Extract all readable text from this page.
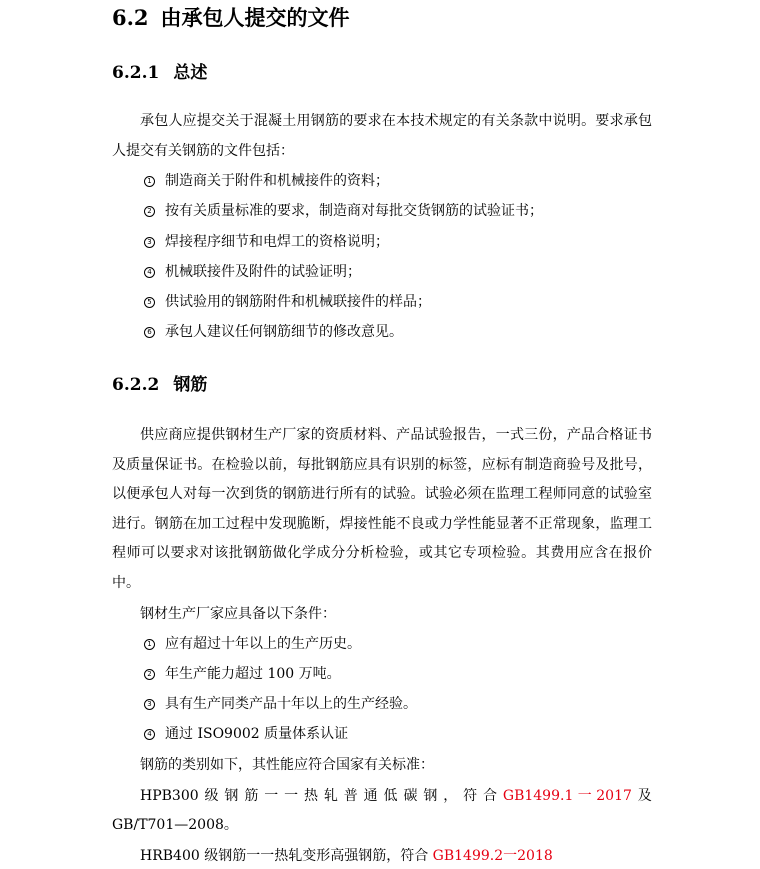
6.2 由承包人提交的文件
6.2.1 总述

承包人应提交关于混凝土用钢筋的要求在本技术规定的有关条款中说明。要求承包人提交有关钢筋的文件包括：

1 制造商关于附件和机械接件的资料；
2 按有关质量标准的要求，制造商对每批交货钢筋的试验证书；
3 焊接程序细节和电焊工的资格说明；
4 机械联接件及附件的试验证明；
5 供试验用的钢筋附件和机械联接件的样品；
6 承包人建议任何钢筋细节的修改意见。
6.2.2 钢筋

供应商应提供钢材生产厂家的资质材料、产品试验报告，一式三份，产品合格证书及质量保证书。在检验以前，每批钢筋应具有识别的标签，应标有制造商验号及批号，以便承包人对每一次到货的钢筋进行所有的试验。试验必须在监理工程师同意的试验室进行。钢筋在加工过程中发现脆断，焊接性能不良或力学性能显著不正常现象，监理工程师可以要求对该批钢筋做化学成分分析检验，或其它专项检验。其费用应含在报价中。

钢材生产厂家应具备以下条件：

1 应有超过十年以上的生产历史。
2 年生产能力超过 100 万吨。
3 具有生产同类产品十年以上的生产经验。
4 通过 ISO9002 质量体系认证

钢筋的类别如下，其性能应符合国家有关标准：

HPB300 级 钢 筋 一 一 热 轧 普 通 低 碳 钢 ， 符 合 GB1499.1 一 2017 及
GB/T701—2008。
HRB400 级钢筋一一热轧变形高强钢筋，符合 GB1499.2一2018
